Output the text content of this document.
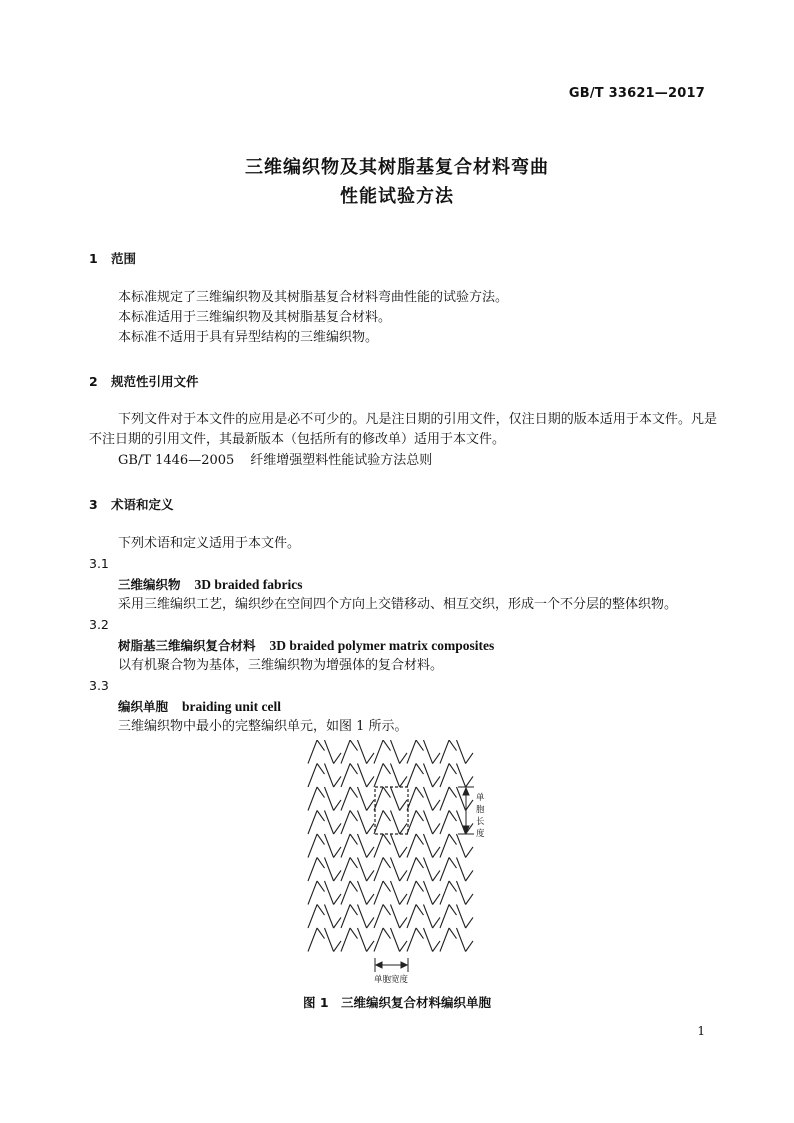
GB/T 33621—2017
三维编织物及其树脂基复合材料弯曲
性能试验方法
1 范围
本标准规定了三维编织物及其树脂基复合材料弯曲性能的试验方法。
本标准适用于三维编织物及其树脂基复合材料。
本标准不适用于具有异型结构的三维编织物。
2 规范性引用文件
下列文件对于本文件的应用是必不可少的。凡是注日期的引用文件，仅注日期的版本适用于本文件。凡是不注日期的引用文件，其最新版本（包括所有的修改单）适用于本文件。
GB/T 1446—2005 纤维增强塑料性能试验方法总则
3 术语和定义
下列术语和定义适用于本文件。
3.1
三维编织物 3D braided fabrics
采用三维编织工艺，编织纱在空间四个方向上交错移动、相互交织，形成一个不分层的整体织物。
3.2
树脂基三维编织复合材料 3D braided polymer matrix composites
以有机聚合物为基体，三维编织物为增强体的复合材料。
3.3
编织单胞 braiding unit cell
三维编织物中最小的完整编织单元，如图 1 所示。
单
胞
长
度
单胞宽度
图 1　三维编织复合材料编织单胞
1
